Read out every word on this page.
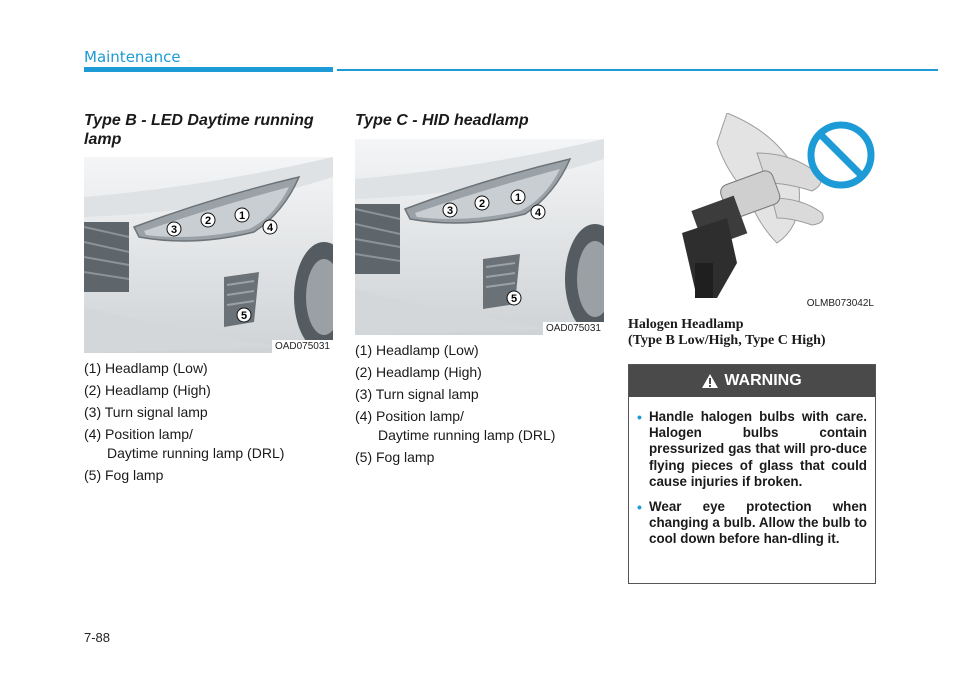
Maintenance
Type B - LED Daytime running lamp
1
2
3	4
5
OAD075031
(1) Headlamp (Low)
(2) Headlamp (High)
(3) Turn signal lamp
(4) Position lamp/
Daytime running lamp (DRL)
(5) Fog lamp
Type C - HID headlamp
1
2
3	4
5
OAD075031
(1) Headlamp (Low)
(2) Headlamp (High)
(3) Turn signal lamp
(4) Position lamp/
Daytime running lamp (DRL)
(5) Fog lamp
OLMB073042L
Halogen Headlamp
(Type B Low/High, Type C High)
WARNING
• Handle halogen bulbs with care. Halogen bulbs contain pressurized gas that will pro-duce flying pieces of glass that could cause injuries if broken.
• Wear eye protection when changing a bulb. Allow the bulb to cool down before han-dling it.
7-88
